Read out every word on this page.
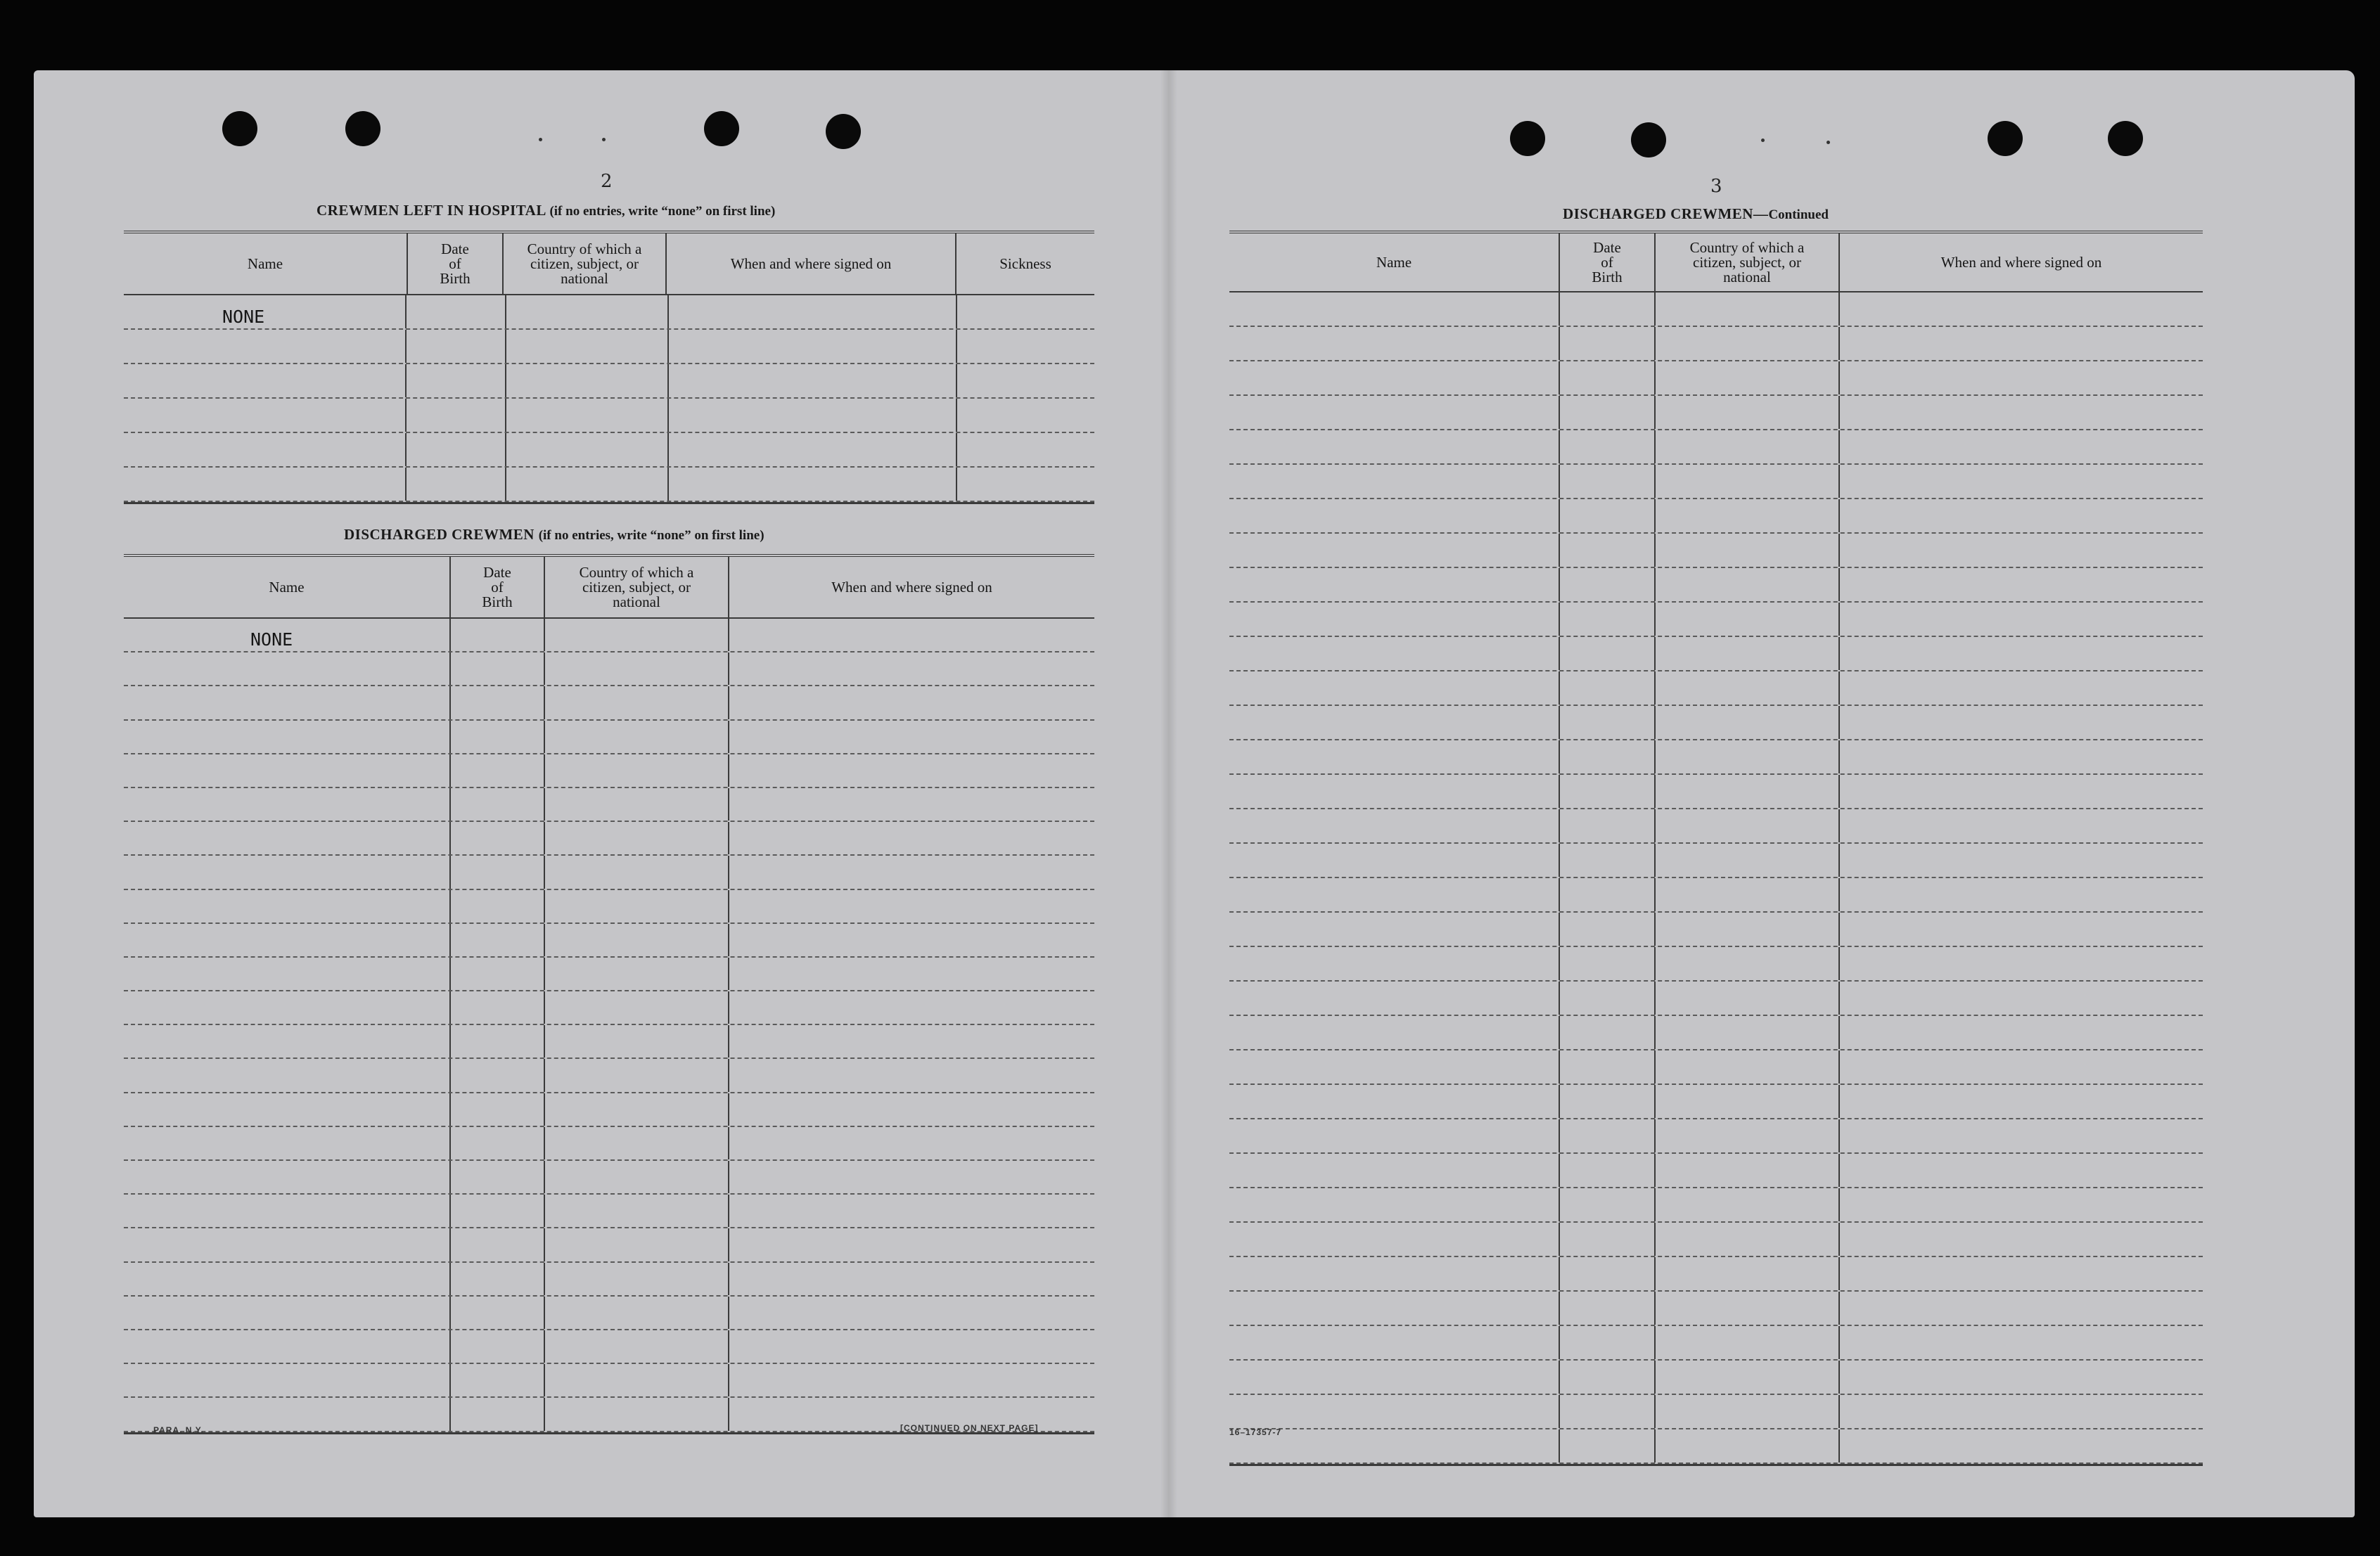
2
CREWMEN LEFT IN HOSPITAL (if no entries, write “none” on first line)
Name
Date
of
Birth
Country of which a
citizen, subject, or
national
When and where signed on	Sickness
NONE
DISCHARGED CREWMEN (if no entries, write “none” on first line)
Name
Date
of
Birth
Country of which a
citizen, subject, or
national
When and where signed on
NONE
PARA. N.Y.	[CONTINUED ON NEXT PAGE]
3
DISCHARGED CREWMEN—Continued
Name
Date
of
Birth
Country of which a
citizen, subject, or
national
When and where signed on
16–17357-7
